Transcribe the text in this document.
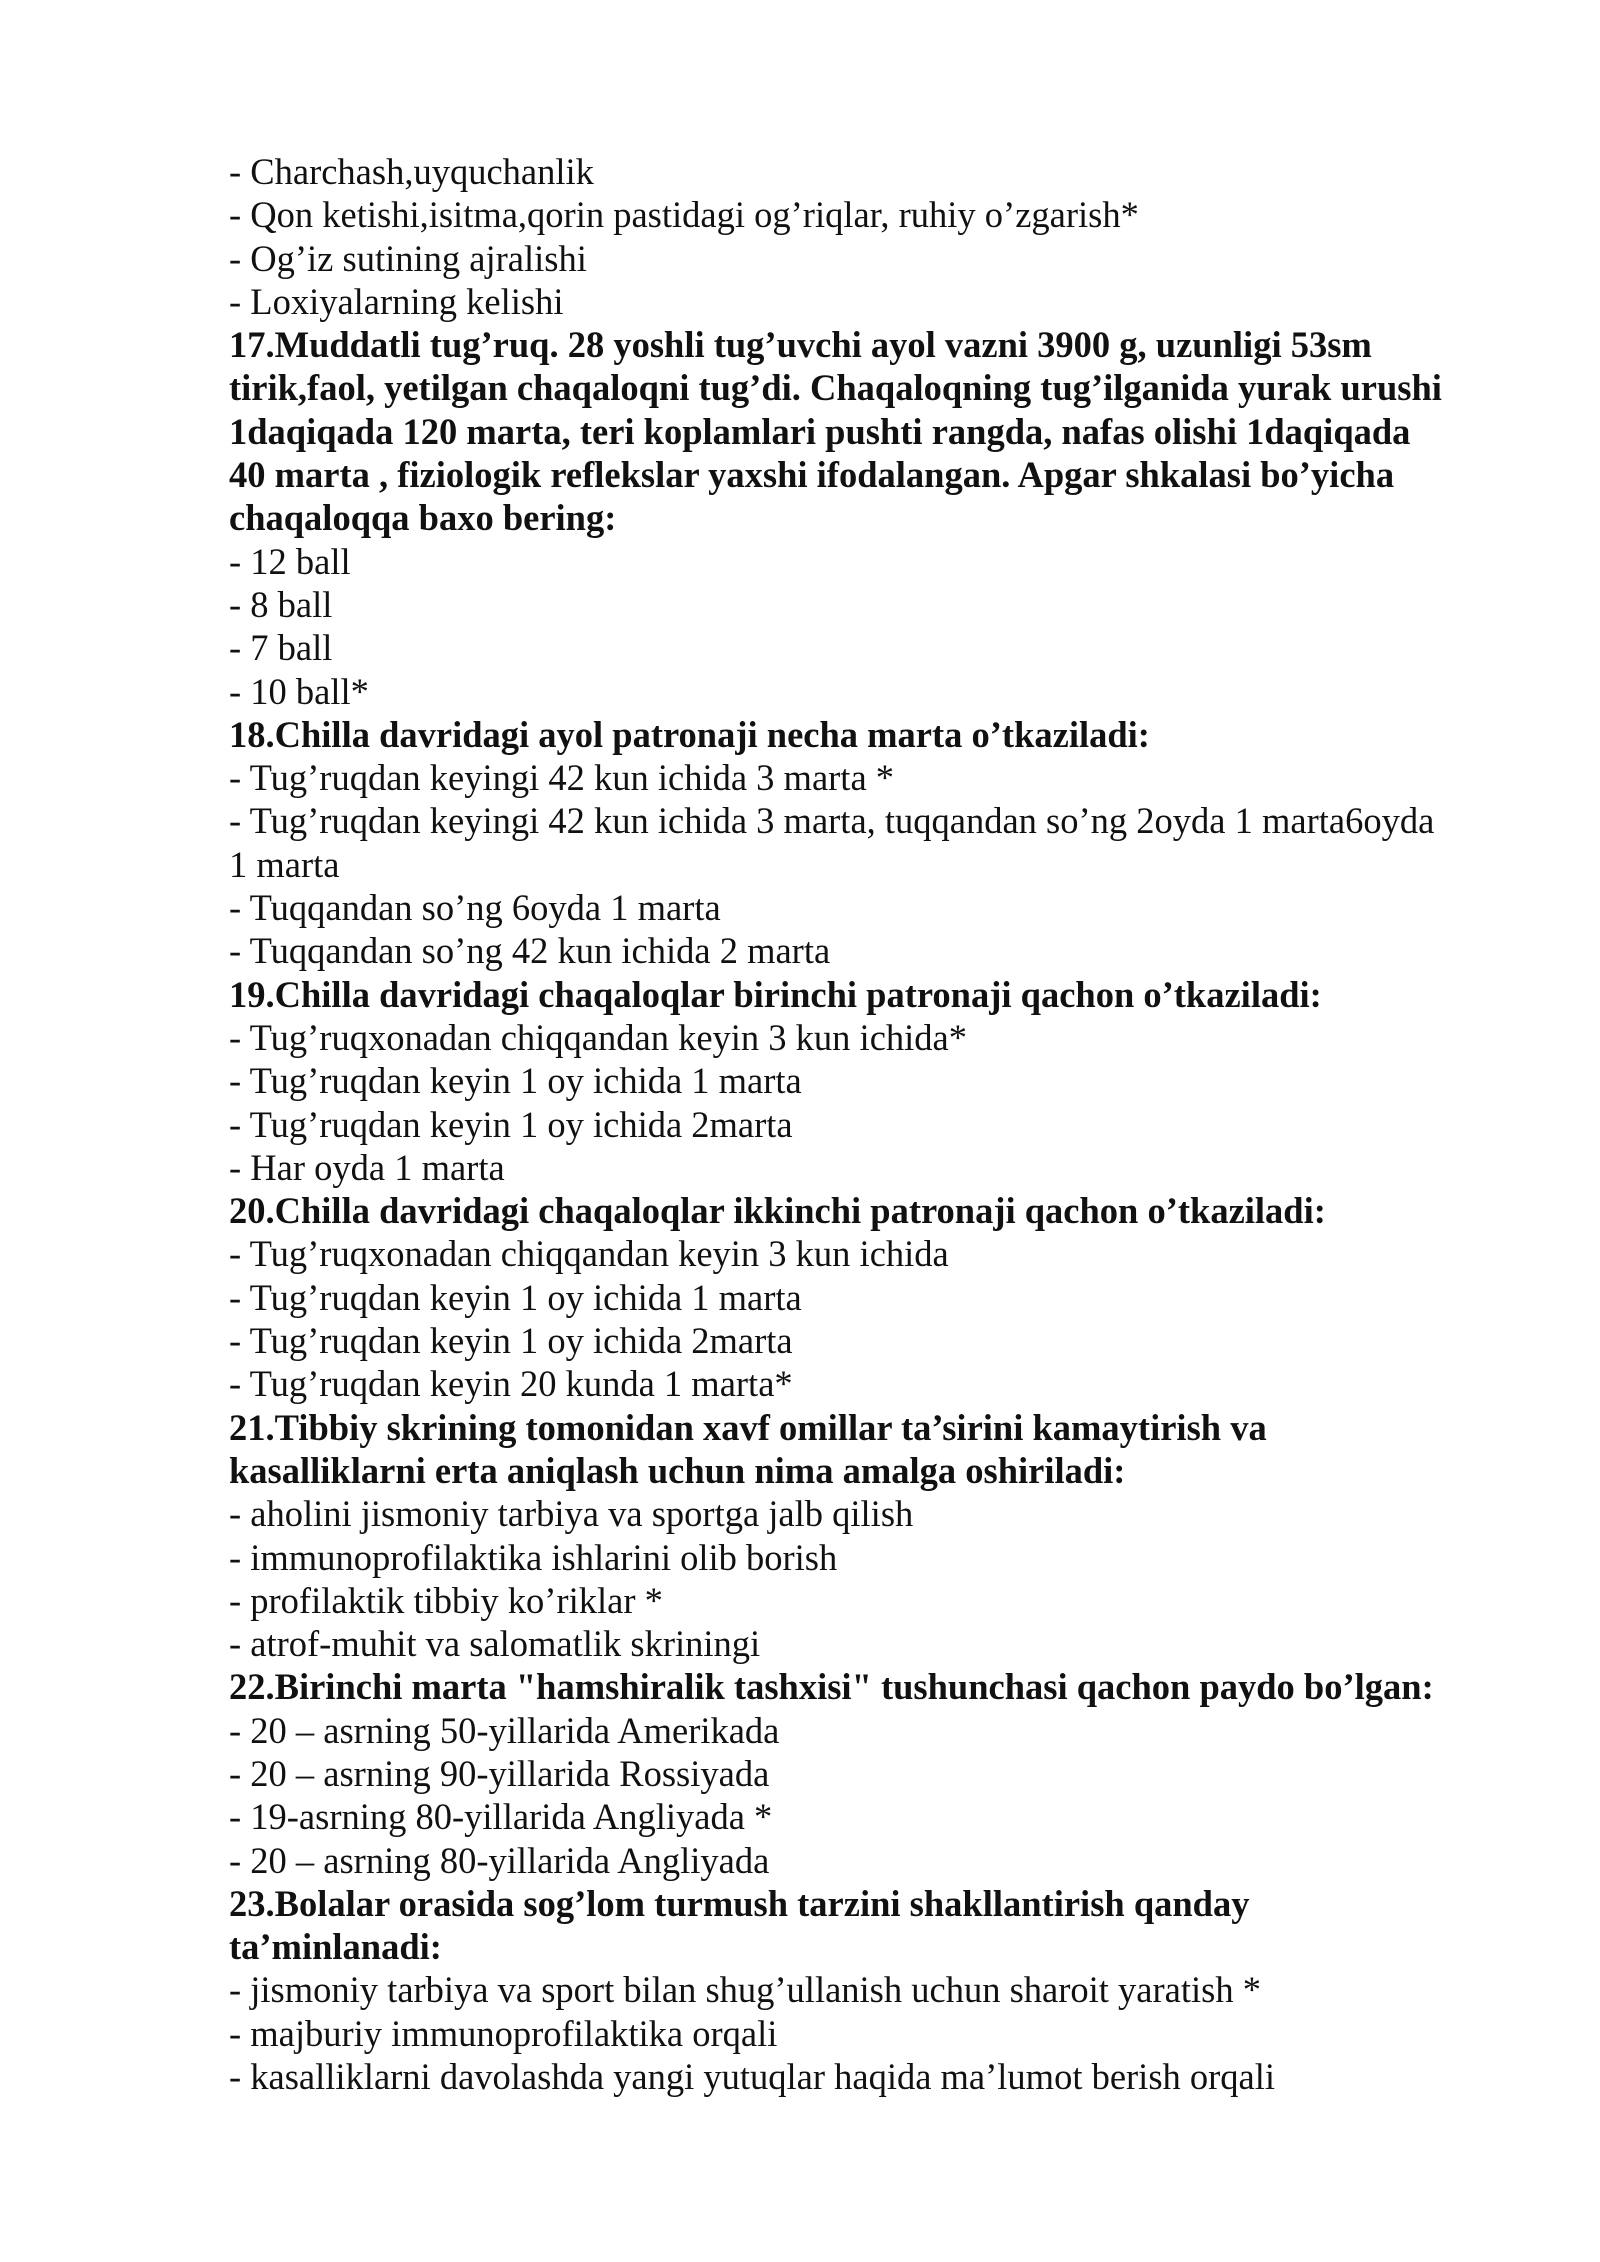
- Charchash,uyquchanlik
- Qon ketishi,isitma,qorin pastidagi og’riqlar, ruhiy o’zgarish*
- Og’iz sutining ajralishi
- Loxiyalarning kelishi
17.Muddatli tug’ruq. 28 yoshli tug’uvchi ayol vazni 3900 g, uzunligi 53sm
tirik,faol, yetilgan chaqaloqni tug’di. Chaqaloqning tug’ilganida yurak urushi
1daqiqada 120 marta, teri koplamlari pushti rangda, nafas olishi 1daqiqada
40 marta , fiziologik reflekslar yaxshi ifodalangan. Apgar shkalasi bo’yicha
chaqaloqqa baxo bering:
- 12 ball
- 8 ball
- 7 ball
- 10 ball*
18.Chilla davridagi ayol patronaji necha marta o’tkaziladi:
- Tug’ruqdan keyingi 42 kun ichida 3 marta *
- Tug’ruqdan keyingi 42 kun ichida 3 marta, tuqqandan so’ng 2oyda 1 marta6oyda
1 marta
- Tuqqandan so’ng 6oyda 1 marta
- Tuqqandan so’ng 42 kun ichida 2 marta
19.Chilla davridagi chaqaloqlar birinchi patronaji qachon o’tkaziladi:
- Tug’ruqxonadan chiqqandan keyin 3 kun ichida*
- Tug’ruqdan keyin 1 oy ichida 1 marta
- Tug’ruqdan keyin 1 oy ichida 2marta
- Har oyda 1 marta
20.Chilla davridagi chaqaloqlar ikkinchi patronaji qachon o’tkaziladi:
- Tug’ruqxonadan chiqqandan keyin 3 kun ichida
- Tug’ruqdan keyin 1 oy ichida 1 marta
- Tug’ruqdan keyin 1 oy ichida 2marta
- Tug’ruqdan keyin 20 kunda 1 marta*
21.Tibbiy skrining tomonidan xavf omillar ta’sirini kamaytirish va
kasalliklarni erta aniqlash uchun nima amalga oshiriladi:
- aholini jismoniy tarbiya va sportga jalb qilish
- immunoprofilaktika ishlarini olib borish
- profilaktik tibbiy ko’riklar *
- atrof-muhit va salomatlik skriningi
22.Birinchi marta "hamshiralik tashxisi" tushunchasi qachon paydo bo’lgan:
- 20 – asrning 50-yillarida Amerikada
- 20 – asrning 90-yillarida Rossiyada
- 19-asrning 80-yillarida Angliyada *
- 20 – asrning 80-yillarida Angliyada
23.Bolalar orasida sog’lom turmush tarzini shakllantirish qanday
ta’minlanadi:
- jismoniy tarbiya va sport bilan shug’ullanish uchun sharoit yaratish *
- majburiy immunoprofilaktika orqali
- kasalliklarni davolashda yangi yutuqlar haqida ma’lumot berish orqali
